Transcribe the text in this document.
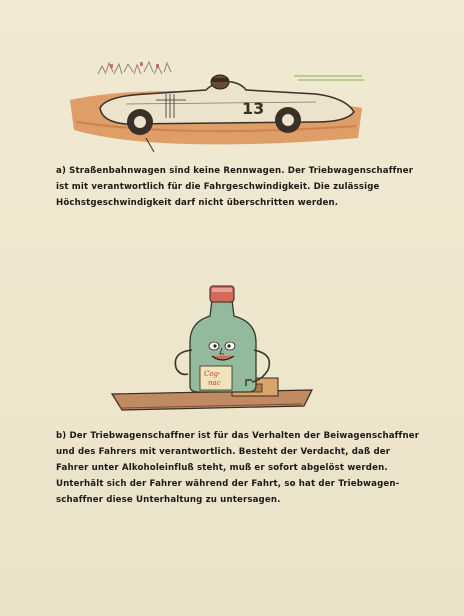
13
a) Straßenbahnwagen sind keine Rennwagen. Der Triebwagenschaffner
ist mit verantwortlich für die Fahrgeschwindigkeit. Die zulässige
Höchstgeschwindigkeit darf nicht überschritten werden.
Cog-
nac
b) Der Triebwagenschaffner ist für das Verhalten der Beiwagenschaffner
und des Fahrers mit verantwortlich. Besteht der Verdacht, daß der
Fahrer unter Alkoholeinfluß steht, muß er sofort abgelöst werden.
Unterhält sich der Fahrer während der Fahrt, so hat der Triebwagen-
schaffner diese Unterhaltung zu untersagen.
